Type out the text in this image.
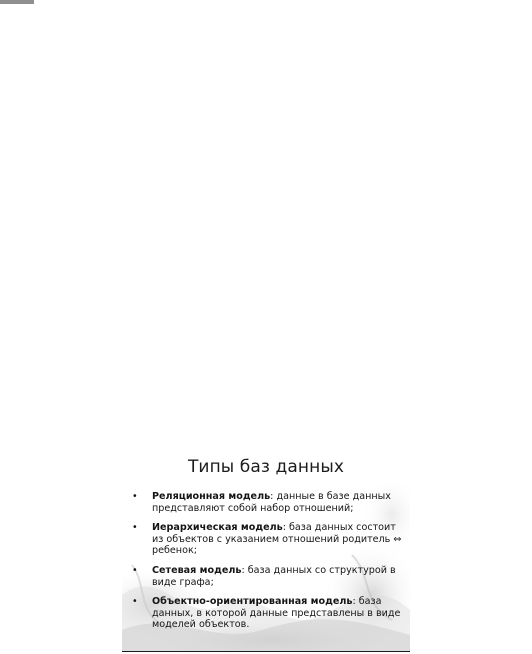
Типы баз данных
•	Реляционная модель: данные в базе данных представляют собой набор отношений;
•	Иерархическая модель: база данных состоит из объектов с указанием отношений родитель ⇔ ребенок;
•	Сетевая модель: база данных со структурой в виде графа;
•	Объектно-ориентированная модель: база данных, в которой данные представлены в виде моделей объектов.
